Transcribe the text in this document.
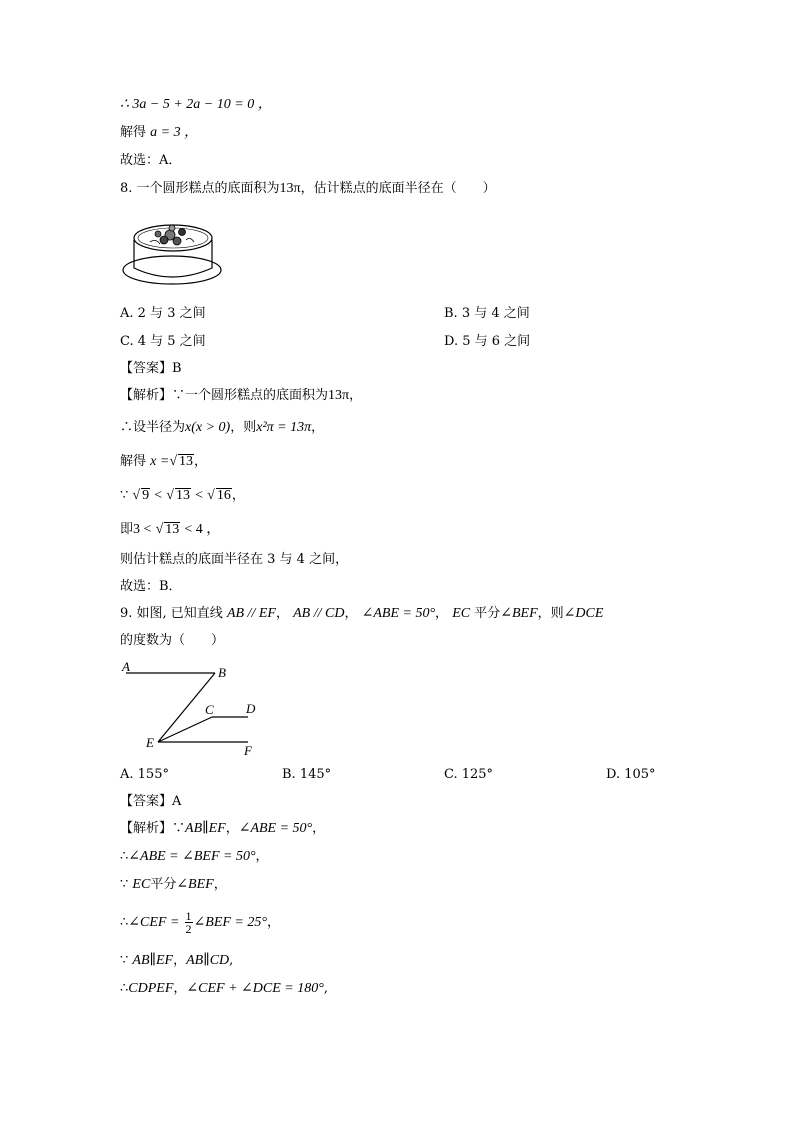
∴ 3a − 5 + 2a − 10 = 0 ，
解得 a = 3 ，
故选：A．
8. 一个圆形糕点的底面积为13π，估计糕点的底面半径在（　　）
A. 2 与 3 之间	B. 3 与 4 之间
C. 4 与 5 之间	D. 5 与 6 之间
【答案】B
【解析】∵一个圆形糕点的底面积为13π，
∴设半径为x(x > 0)，则x²π = 13π，
解得 x =√ 13，
∵ √ 9 < √ 13 < √ 16，
即3 < √ 13 < 4 ，
则估计糕点的底面半径在 3 与 4 之间，
故选：B．
9. 如图, 已知直线 AB // EF， AB // CD， ∠ABE = 50°， EC 平分∠BEF，则∠DCE
的度数为（　　）
A	B
C D
E
F
A. 155°	B. 145°	C. 125°	D. 105°
【答案】A
【解析】∵AB∥EF，∠ABE = 50°，
∴∠ABE = ∠BEF = 50°，
∵ EC平分∠BEF，
∴∠CEF = $\frac{1}{2}$ ∠BEF = 25°，
∵ AB∥EF，AB∥CD,
∴CDPEF，∠CEF + ∠DCE = 180°,
